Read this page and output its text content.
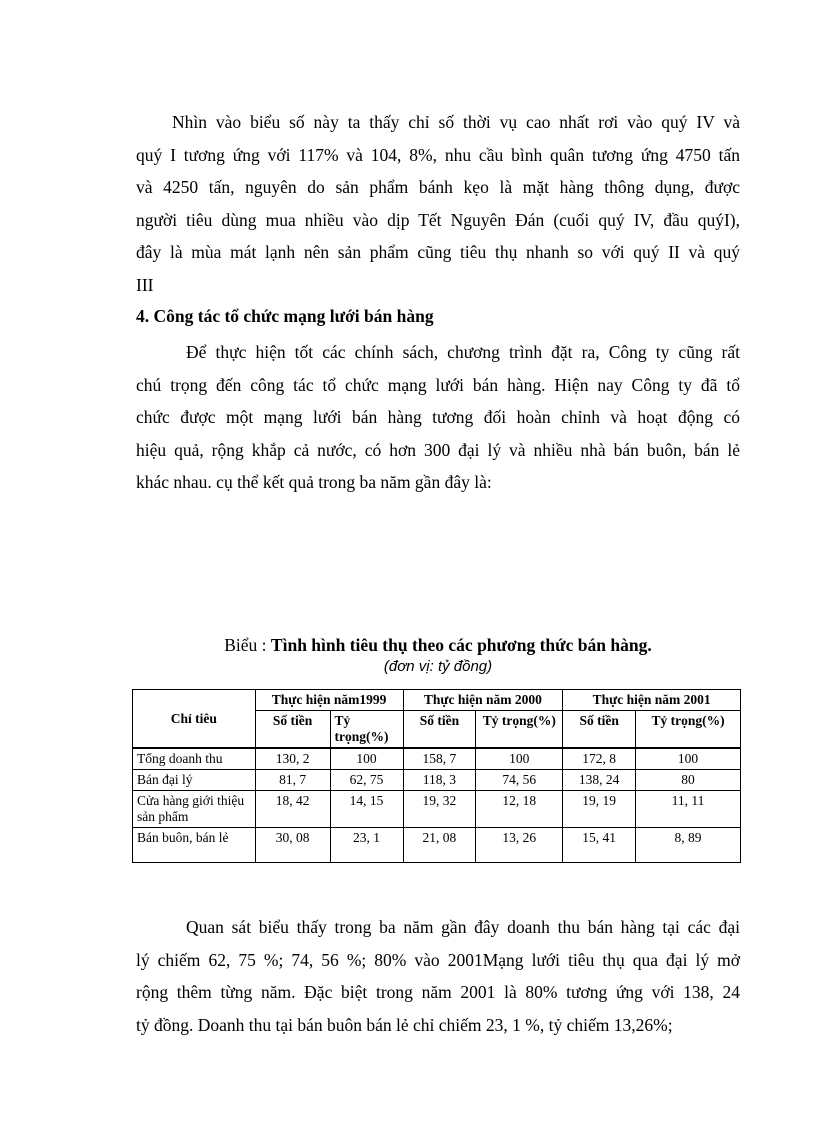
Nhìn vào biểu số này ta thấy chỉ số thời vụ cao nhất rơi vào quý IV và
quý I tương ứng với 117% và 104, 8%, nhu cầu bình quân tương ứng 4750 tấn
và 4250 tấn, nguyên do sản phẩm bánh kẹo là mặt hàng thông dụng, được
người tiêu dùng mua nhiều vào dịp Tết Nguyên Đán (cuối quý IV, đầu quýI),
đây là mùa mát lạnh nên sản phẩm cũng tiêu thụ nhanh so với quý II và quý
III

4. Công tác tổ chức mạng lưới bán hàng

Để thực hiện tốt các chính sách, chương trình đặt ra, Công ty cũng rất
chú trọng đến công tác tổ chức mạng lưới bán hàng. Hiện nay Công ty đã tổ
chức được một mạng lưới bán hàng tương đối hoàn chỉnh và hoạt động có
hiệu quả, rộng khắp cả nước, có hơn 300 đại lý và nhiều nhà bán buôn, bán lẻ
khác nhau. cụ thể kết quả trong ba năm gần đây là:

Biểu : Tình hình tiêu thụ theo các phương thức bán hàng.
(đơn vị: tỷ đồng)
Chỉ tiêu	Thực hiện năm1999		Thực hiện năm 2000		Thực hiện năm 2001	
	Số tiền	Tỷ trọng(%)	Số tiền	Tỷ trọng(%)	Số tiền	Tỷ trọng(%)
Tổng doanh thu	130, 2	100	158, 7	100	172, 8	100
Bán đại lý	81, 7	62, 75	118, 3	74, 56	138, 24	80
Cửa hàng giới thiệu sản phẩm	18, 42	14, 15	19, 32	12, 18	19, 19	11, 11
Bán buôn, bán lẻ	30, 08	23, 1	21, 08	13, 26	15, 41	8, 89

Quan sát biểu thấy trong ba năm gần đây doanh thu bán hàng tại các đại
lý chiếm 62, 75 %; 74, 56 %; 80% vào 2001Mạng lưới tiêu thụ qua đại lý mở
rộng thêm từng năm. Đặc biệt trong năm 2001 là 80% tương ứng với 138, 24
tỷ đồng. Doanh thu tại bán buôn bán lẻ chỉ chiếm 23, 1 %, tỷ chiếm 13,26%;
